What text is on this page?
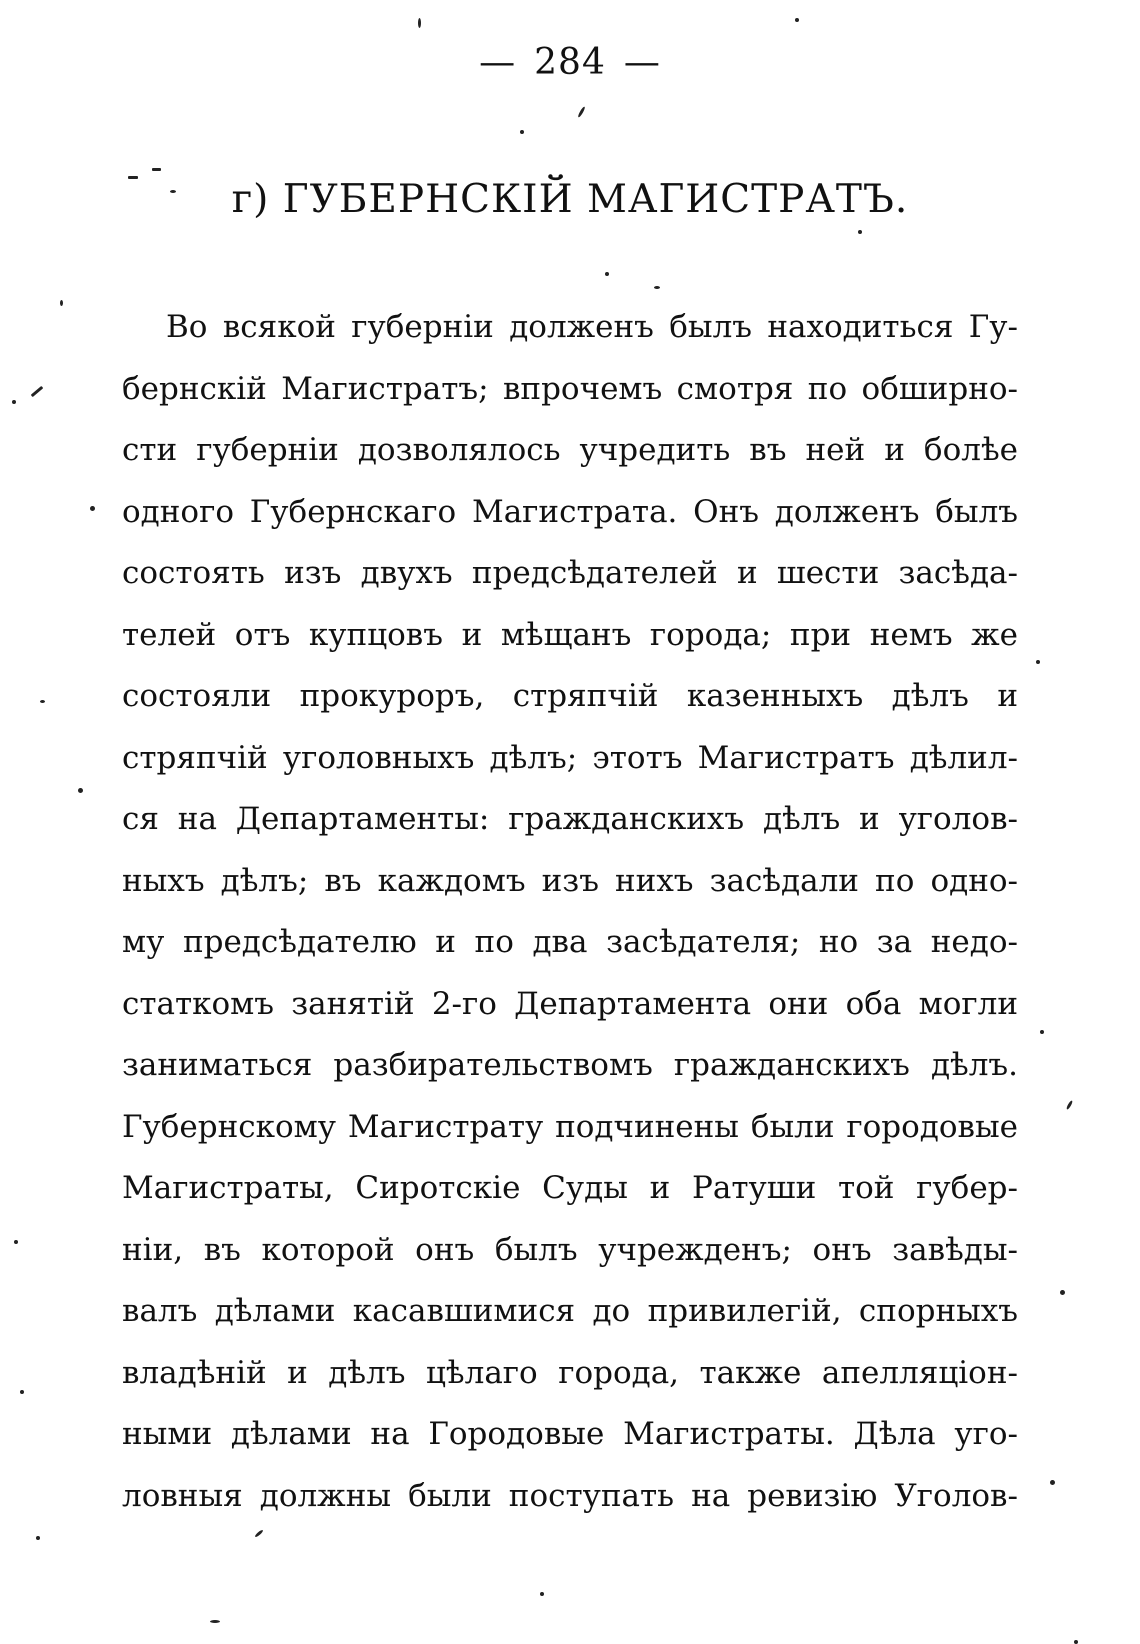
— 284 —
г) ГУБЕРНСКІЙ МАГИСТРАТЪ.
Во всякой губерніи долженъ былъ находиться Гу-
бернскій Магистратъ; впрочемъ смотря по обширно-
сти губерніи дозволялось учредить въ ней и болѣе
одного Губернскаго Магистрата. Онъ долженъ былъ
состоять изъ двухъ предсѣдателей и шести засѣда-
телей отъ купцовъ и мѣщанъ города; при немъ же
состояли прокуроръ, стряпчій казенныхъ дѣлъ и
стряпчій уголовныхъ дѣлъ; этотъ Магистратъ дѣлил-
ся на Департаменты: гражданскихъ дѣлъ и уголов-
ныхъ дѣлъ; въ каждомъ изъ нихъ засѣдали по одно-
му предсѣдателю и по два засѣдателя; но за недо-
статкомъ занятій 2-го Департамента они оба могли
заниматься разбирательствомъ гражданскихъ дѣлъ.
Губернскому Магистрату подчинены были городовые
Магистраты, Сиротскіе Суды и Ратуши той губер-
ніи, въ которой онъ былъ учрежденъ; онъ завѣды-
валъ дѣлами касавшимися до привилегій, спорныхъ
владѣній и дѣлъ цѣлаго города, также апелляціон-
ными дѣлами на Городовые Магистраты. Дѣла уго-
ловныя должны были поступать на ревизію Уголов-
